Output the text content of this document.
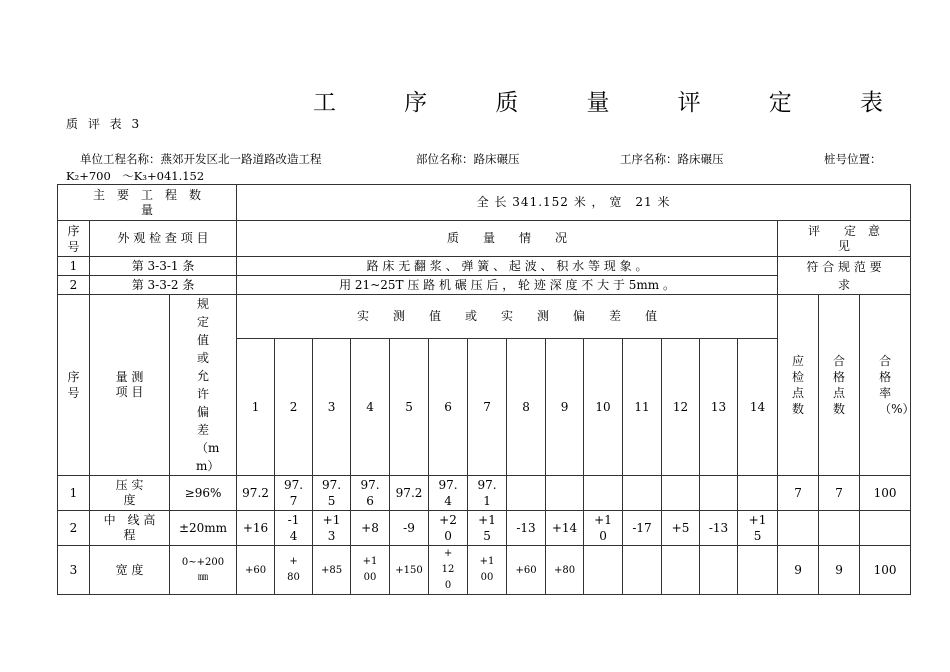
工	序	质	量	评	定	表
质 评 表 3
单位工程名称：燕郊开发区北一路道路改造工程	部位名称：路床碾压	工序名称：路床碾压	桩号位置：
K₂+700　～K₃+041.152
主　要　工　程　数　量			全 长 341.152 米 ， 宽　21 米																

序号	外 观 检 查 项 目		质　　量　　情　　况														评　　定　意　　见		

1	第 3-3-1 条		路 床 无 翻 浆 、 弹 簧 、 起 波 、 积 水 等 现 象 。														符 合 规 范 要 求		

2	第 3-3-2 条		用 21~25T 压 路 机 碾 压 后 ， 轮 迹 深 度 不 大 于 5mm 。																

序号	量 测 项 目	规定值或允许偏差（mm）	实　　测　　值　　或　　实　　测　　偏　　差　　值														应检点数	合格点数	合格率（%）

			1	2	3	4	5	6	7	8	9	10	11	12	13	14			
1	压 实 度	≥96%	97.2	97.7	97.5	97.6	97.2	97.4	97.1								7	7	100
2	中　线 高 程	±20mm	+16	-14	+13	+8	-9	+20	+15	-13	+14	+10	-17	+5	-13	+15			

3	宽 度	0~+200 ㎜	+60	+80	+85	+100	+150	+120	+100	+60	+80						9	9	100
